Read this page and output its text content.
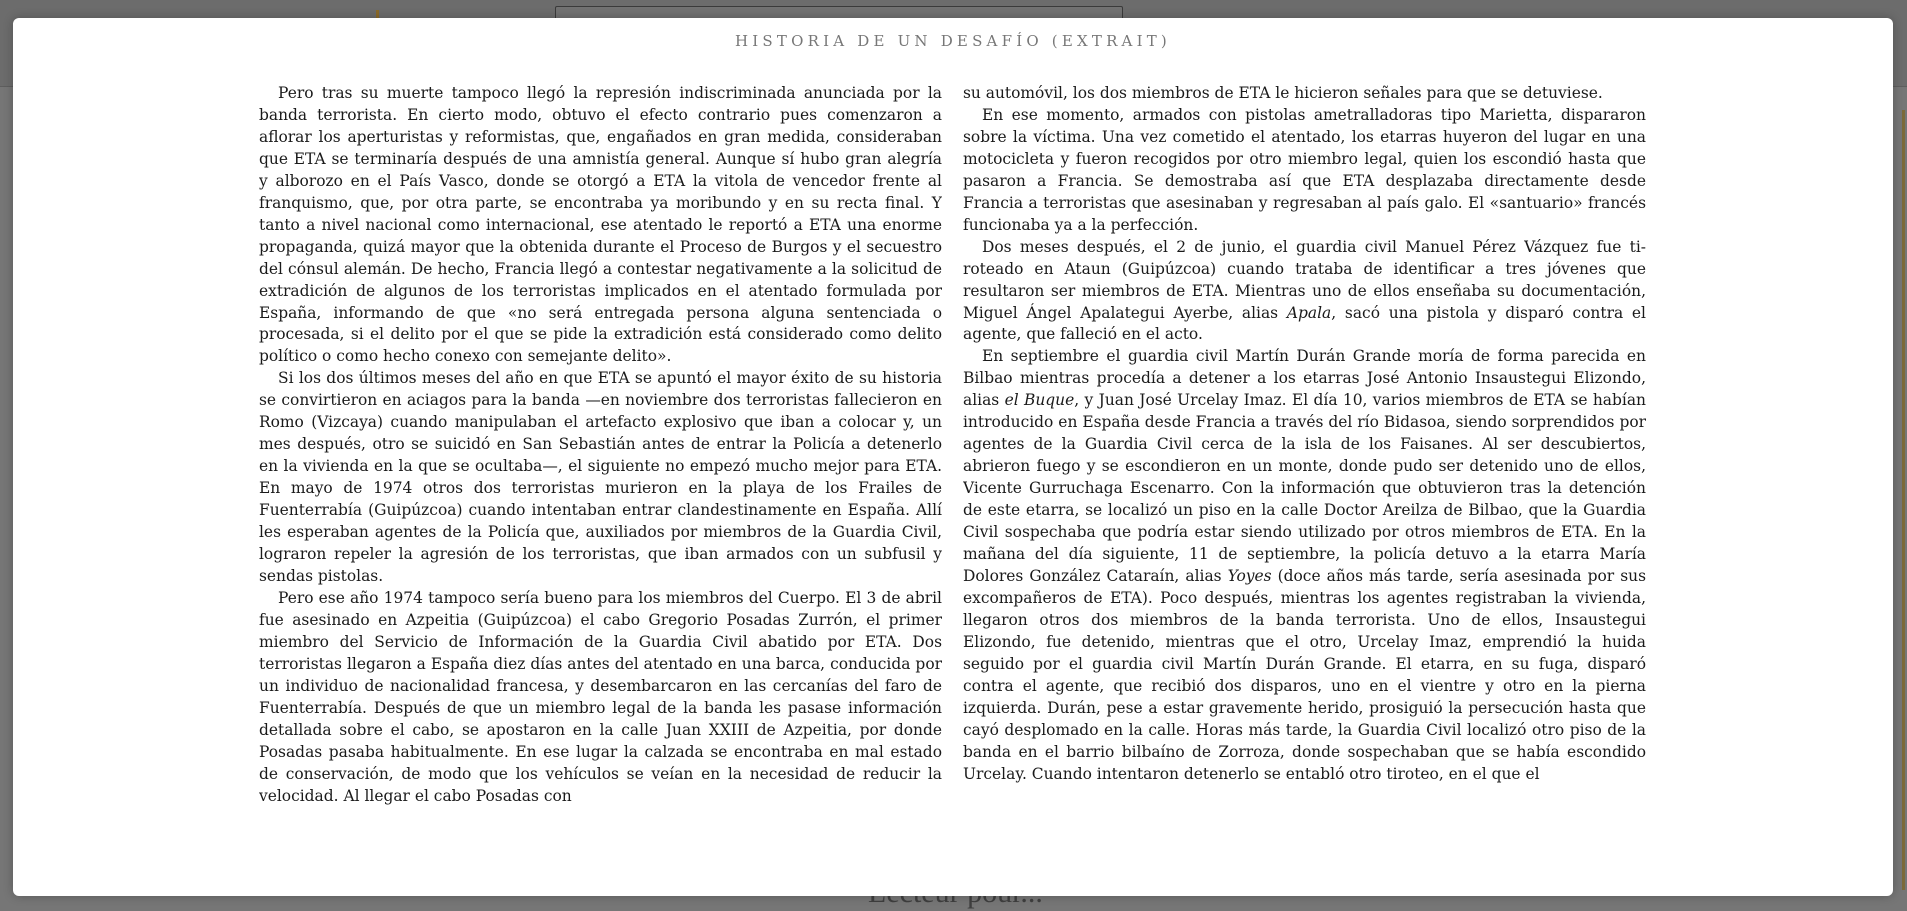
HISTORIA DE UN DESAFÍO (EXTRAIT)

Pero tras su muerte tampoco llegó la represión indiscriminada anunciada por la banda terrorista. En cierto modo, obtuvo el efecto contrario pues comenzaron a aflorar los aperturistas y reformistas, que, engañados en gran medida, consideraban que ETA se terminaría después de una amnistía general. Aunque sí hubo gran alegría y alborozo en el País Vasco, donde se otorgó a ETA la vitola de vencedor frente al franquismo, que, por otra parte, se encontraba ya moribundo y en su recta final. Y tanto a nivel nacional como internacional, ese atentado le reportó a ETA una enorme propaganda, quizá mayor que la obtenida durante el Proceso de Burgos y el secuestro del cónsul alemán. De hecho, Francia llegó a contestar negativamente a la solicitud de extradición de algunos de los terroristas implicados en el atentado formulada por España, informando de que «no será entregada persona alguna sentenciada o procesada, si el delito por el que se pide la extradición está considerado como delito político o como hecho conexo con semejante delito».

Si los dos últimos meses del año en que ETA se apuntó el mayor éxito de su historia se convirtieron en aciagos para la banda —en noviembre dos terroristas fallecieron en Romo (Vizcaya) cuando manipulaban el artefacto explosivo que iban a colocar y, un mes después, otro se suicidó en San Sebastián antes de entrar la Policía a detenerlo en la vivienda en la que se ocultaba—, el siguiente no empezó mucho mejor para ETA. En mayo de 1974 otros dos terroristas murieron en la playa de los Frailes de Fuenterrabía (Guipúzcoa) cuando intentaban entrar clandestinamente en España. Allí les esperaban agentes de la Policía que, auxiliados por miembros de la Guardia Civil, lograron repeler la agresión de los terroristas, que iban armados con un subfusil y sendas pistolas.

Pero ese año 1974 tampoco sería bueno para los miembros del Cuerpo. El 3 de abril fue asesinado en Azpeitia (Guipúzcoa) el cabo Gregorio Posadas Zurrón, el primer miembro del Servicio de Información de la Guardia Civil abatido por ETA. Dos terroristas llegaron a España diez días antes del atentado en una barca, conducida por un individuo de nacionalidad francesa, y desembarcaron en las cercanías del faro de Fuenterrabía. Después de que un miembro legal de la banda les pasase información detallada sobre el cabo, se apostaron en la calle Juan XXIII de Azpeitia, por donde Posadas pasaba habitualmente. En ese lugar la calzada se encontraba en mal estado de conservación, de modo que los vehículos se veían en la necesidad de reducir la velocidad. Al llegar el cabo Posadas con

su automóvil, los dos miembros de ETA le hicieron señales para que se detuviese.

En ese momento, armados con pistolas ametralladoras tipo Marietta, dispararon sobre la víctima. Una vez cometido el atentado, los etarras huyeron del lugar en una motocicleta y fueron recogidos por otro miembro legal, quien los escondió hasta que pasaron a Francia. Se demostraba así que ETA desplazaba directamente desde Francia a terroristas que asesinaban y regresaban al país galo. El «santuario» francés funcionaba ya a la perfección.

Dos meses después, el 2 de junio, el guardia civil Manuel Pérez Vázquez fue tiroteado en Ataun (Guipúzcoa) cuando trataba de identificar a tres jóvenes que resultaron ser miembros de ETA. Mientras uno de ellos enseñaba su documentación, Miguel Ángel Apalategui Ayerbe, alias Apala, sacó una pistola y disparó contra el agente, que falleció en el acto.

En septiembre el guardia civil Martín Durán Grande moría de forma parecida en Bilbao mientras procedía a detener a los etarras José Antonio Insaustegui Elizondo, alias el Buque, y Juan José Urcelay Imaz. El día 10, varios miembros de ETA se habían introducido en España desde Francia a través del río Bidasoa, siendo sorprendidos por agentes de la Guardia Civil cerca de la isla de los Faisanes. Al ser descubiertos, abrieron fuego y se escondieron en un monte, donde pudo ser detenido uno de ellos, Vicente Gurruchaga Escenarro. Con la información que obtuvieron tras la detención de este etarra, se localizó un piso en la calle Doctor Areilza de Bilbao, que la Guardia Civil sospechaba que podría estar siendo utilizado por otros miembros de ETA. En la mañana del día siguiente, 11 de septiembre, la policía detuvo a la etarra María Dolores González Cataraín, alias Yoyes (doce años más tarde, sería asesinada por sus excompañeros de ETA). Poco después, mientras los agentes registraban la vivienda, llegaron otros dos miembros de la banda terrorista. Uno de ellos, Insaustegui Elizondo, fue detenido, mientras que el otro, Urcelay Imaz, emprendió la huida seguido por el guardia civil Martín Durán Grande. El etarra, en su fuga, disparó contra el agente, que recibió dos disparos, uno en el vientre y otro en la pierna izquierda. Durán, pese a estar gravemente herido, prosiguió la persecución hasta que cayó desplomado en la calle. Horas más tarde, la Guardia Civil localizó otro piso de la banda en el barrio bilbaíno de Zorroza, donde sospechaban que se había escondido Urcelay. Cuando intentaron detenerlo se entabló otro tiroteo, en el que el
